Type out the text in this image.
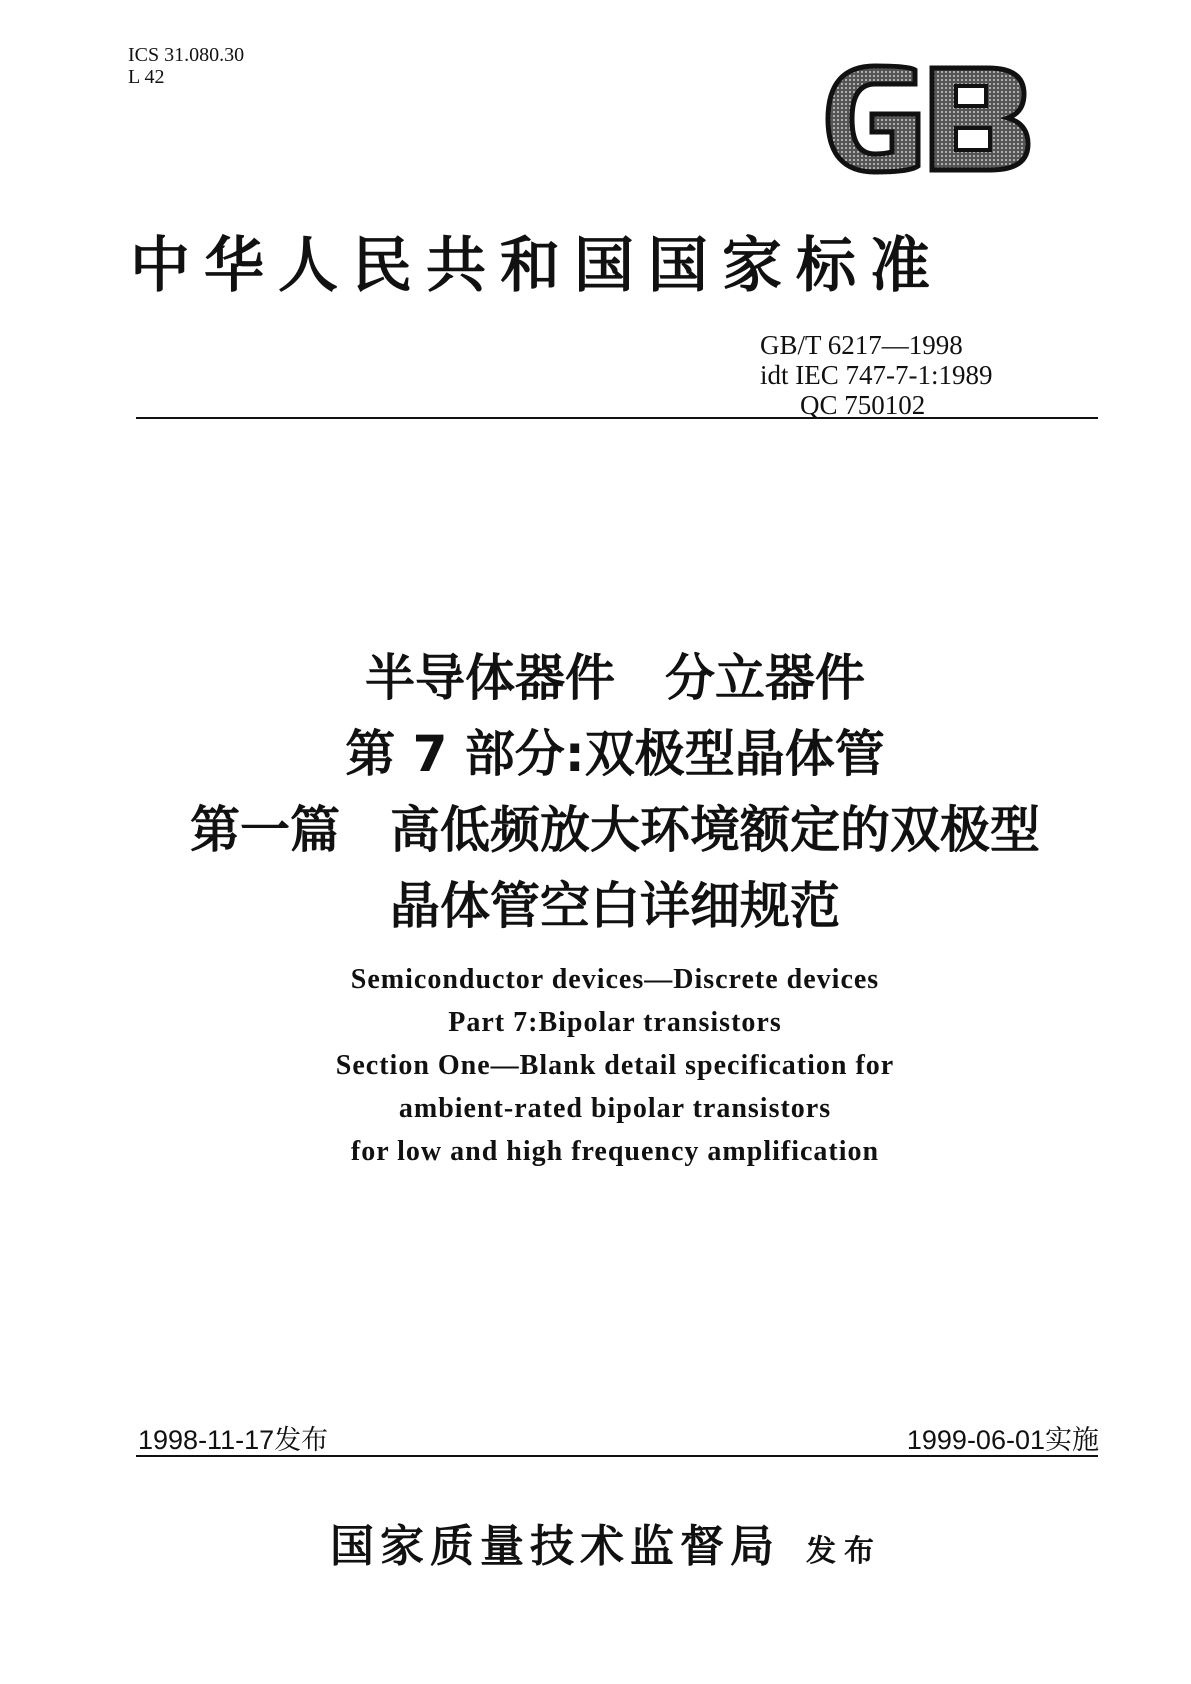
ICS 31.080.30
L 42
中华人民共和国国家标准
GB/T 6217—1998
idt IEC 747-7-1:1989
QC 750102
半导体器件　分立器件
第 7 部分:双极型晶体管
第一篇　高低频放大环境额定的双极型
晶体管空白详细规范
Semiconductor devices—Discrete devices
Part 7:Bipolar transistors
Section One—Blank detail specification for
ambient-rated bipolar transistors
for low and high frequency amplification
1998-11-17发布	1999-06-01实施
国家质量技术监督局 发布
